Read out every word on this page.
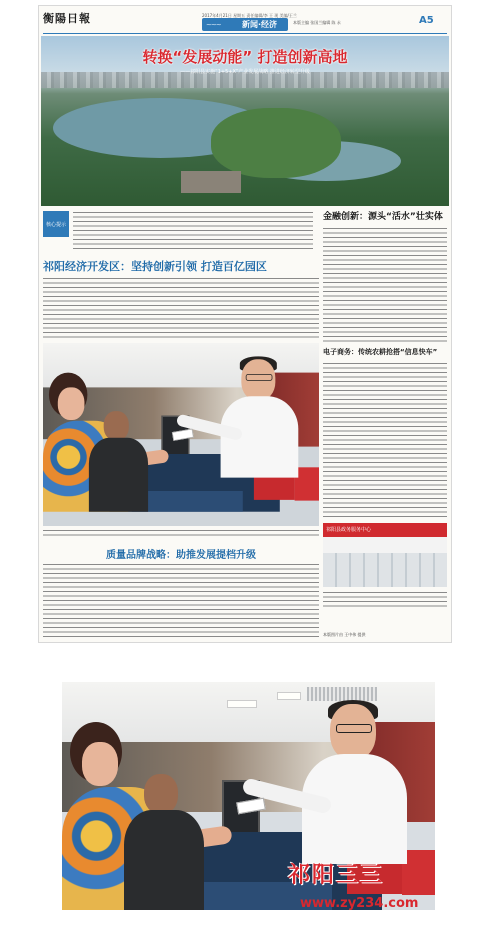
衡陽日報	2017年4月21日 星期五 责任编辑/李 王 现 美编/王兰
~~~	新闻·经济	本版主编 张国兰编辑 陈 永	A5
转换“发展动能” 打造创新高地
——祁阳县实施“1+5+X”产业发展战略 推进经济转型升级
核心提示
祁阳经济开发区：坚持创新引领 打造百亿园区
质量品牌战略：助推发展提档升级
金融创新：源头“活水”壮实体
电子商务：传统农耕抢搭“信息快车”
祁阳县政务服务中心
本版图片由 王中伟 提供
祁阳三三
www.zy234.com
